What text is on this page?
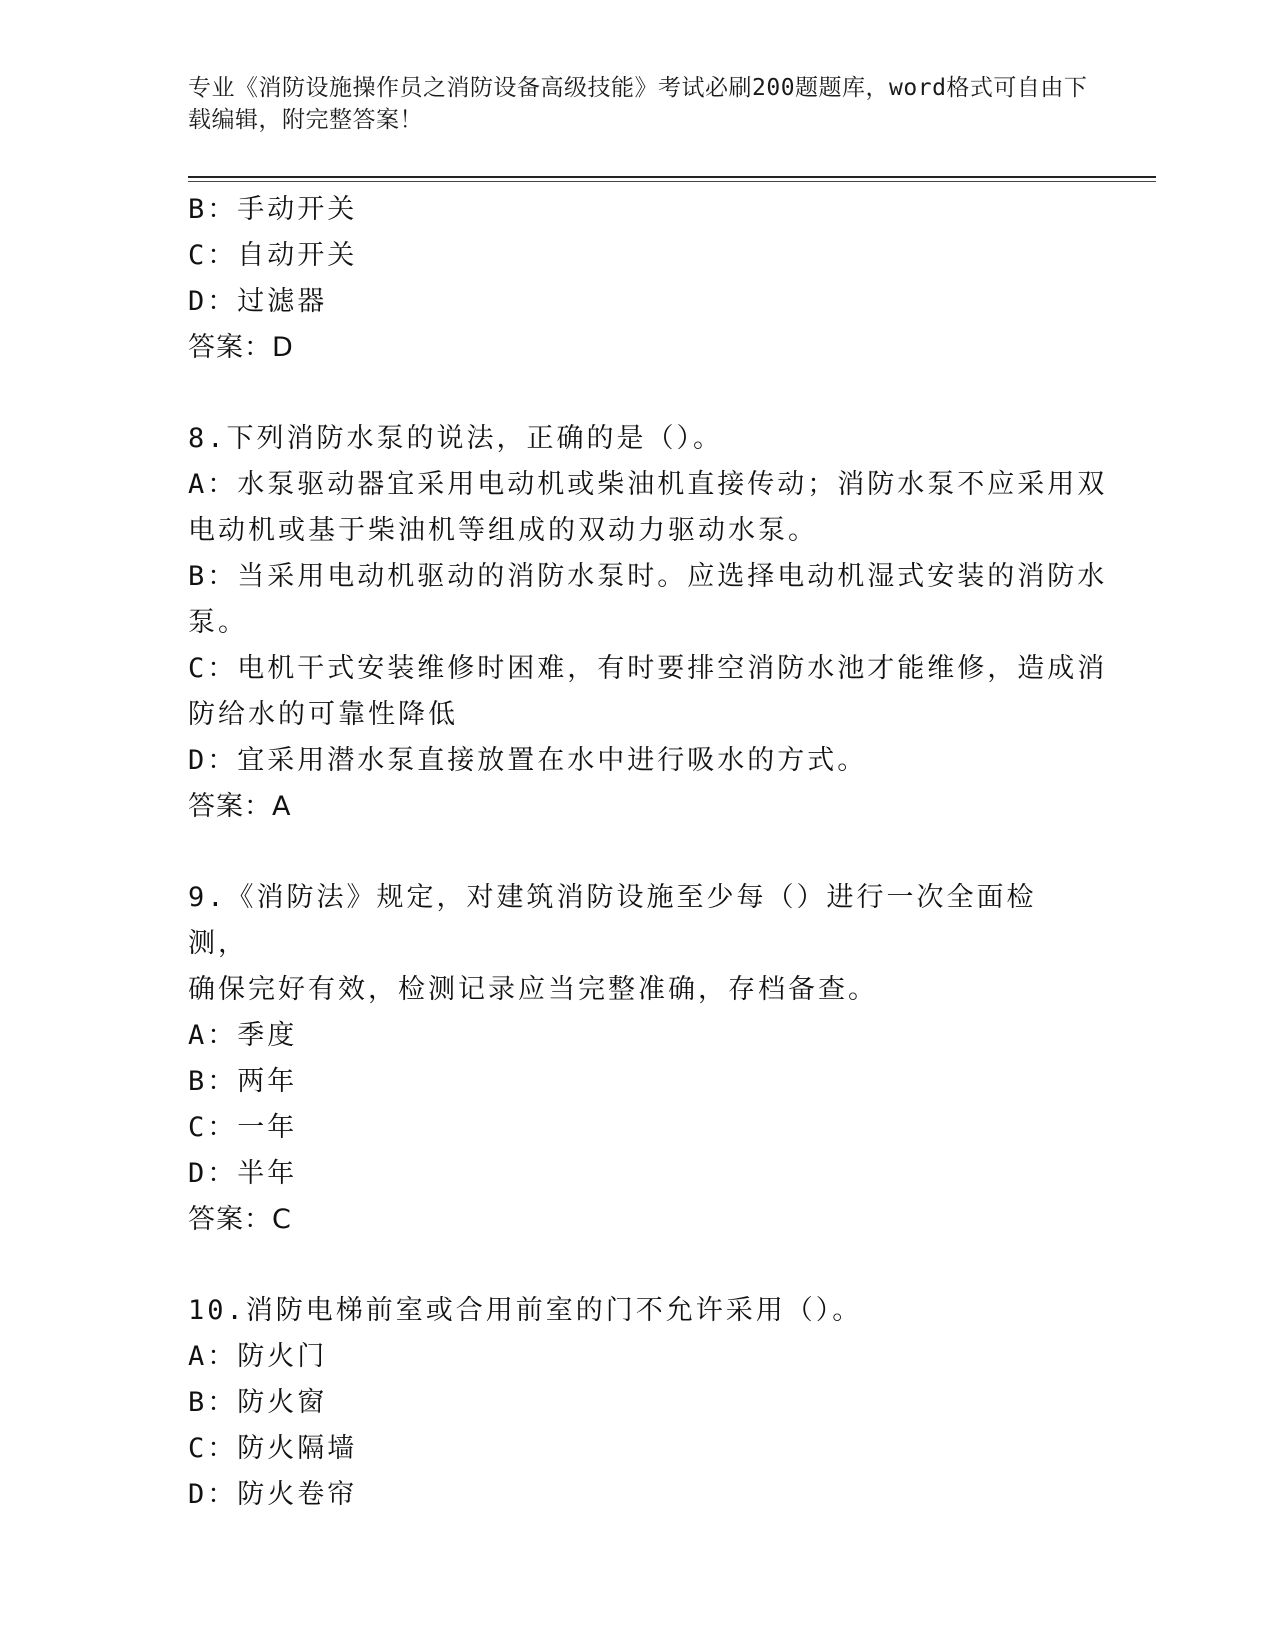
专业《消防设施操作员之消防设备高级技能》考试必刷200题题库，word格式可自由下载编辑，附完整答案！
B：手动开关
C：自动开关
D：过滤器
答案：D
8.下列消防水泵的说法，正确的是（）。
A：水泵驱动器宜采用电动机或柴油机直接传动；消防水泵不应采用双
电动机或基于柴油机等组成的双动力驱动水泵。
B：当采用电动机驱动的消防水泵时。应选择电动机湿式安装的消防水
泵。
C：电机干式安装维修时困难，有时要排空消防水池才能维修，造成消
防给水的可靠性降低
D：宜采用潜水泵直接放置在水中进行吸水的方式。
答案：A
9.《消防法》规定，对建筑消防设施至少每（）进行一次全面检测，
确保完好有效，检测记录应当完整准确，存档备查。
A：季度
B：两年
C：一年
D：半年
答案：C
10.消防电梯前室或合用前室的门不允许采用（）。
A：防火门
B：防火窗
C：防火隔墙
D：防火卷帘
